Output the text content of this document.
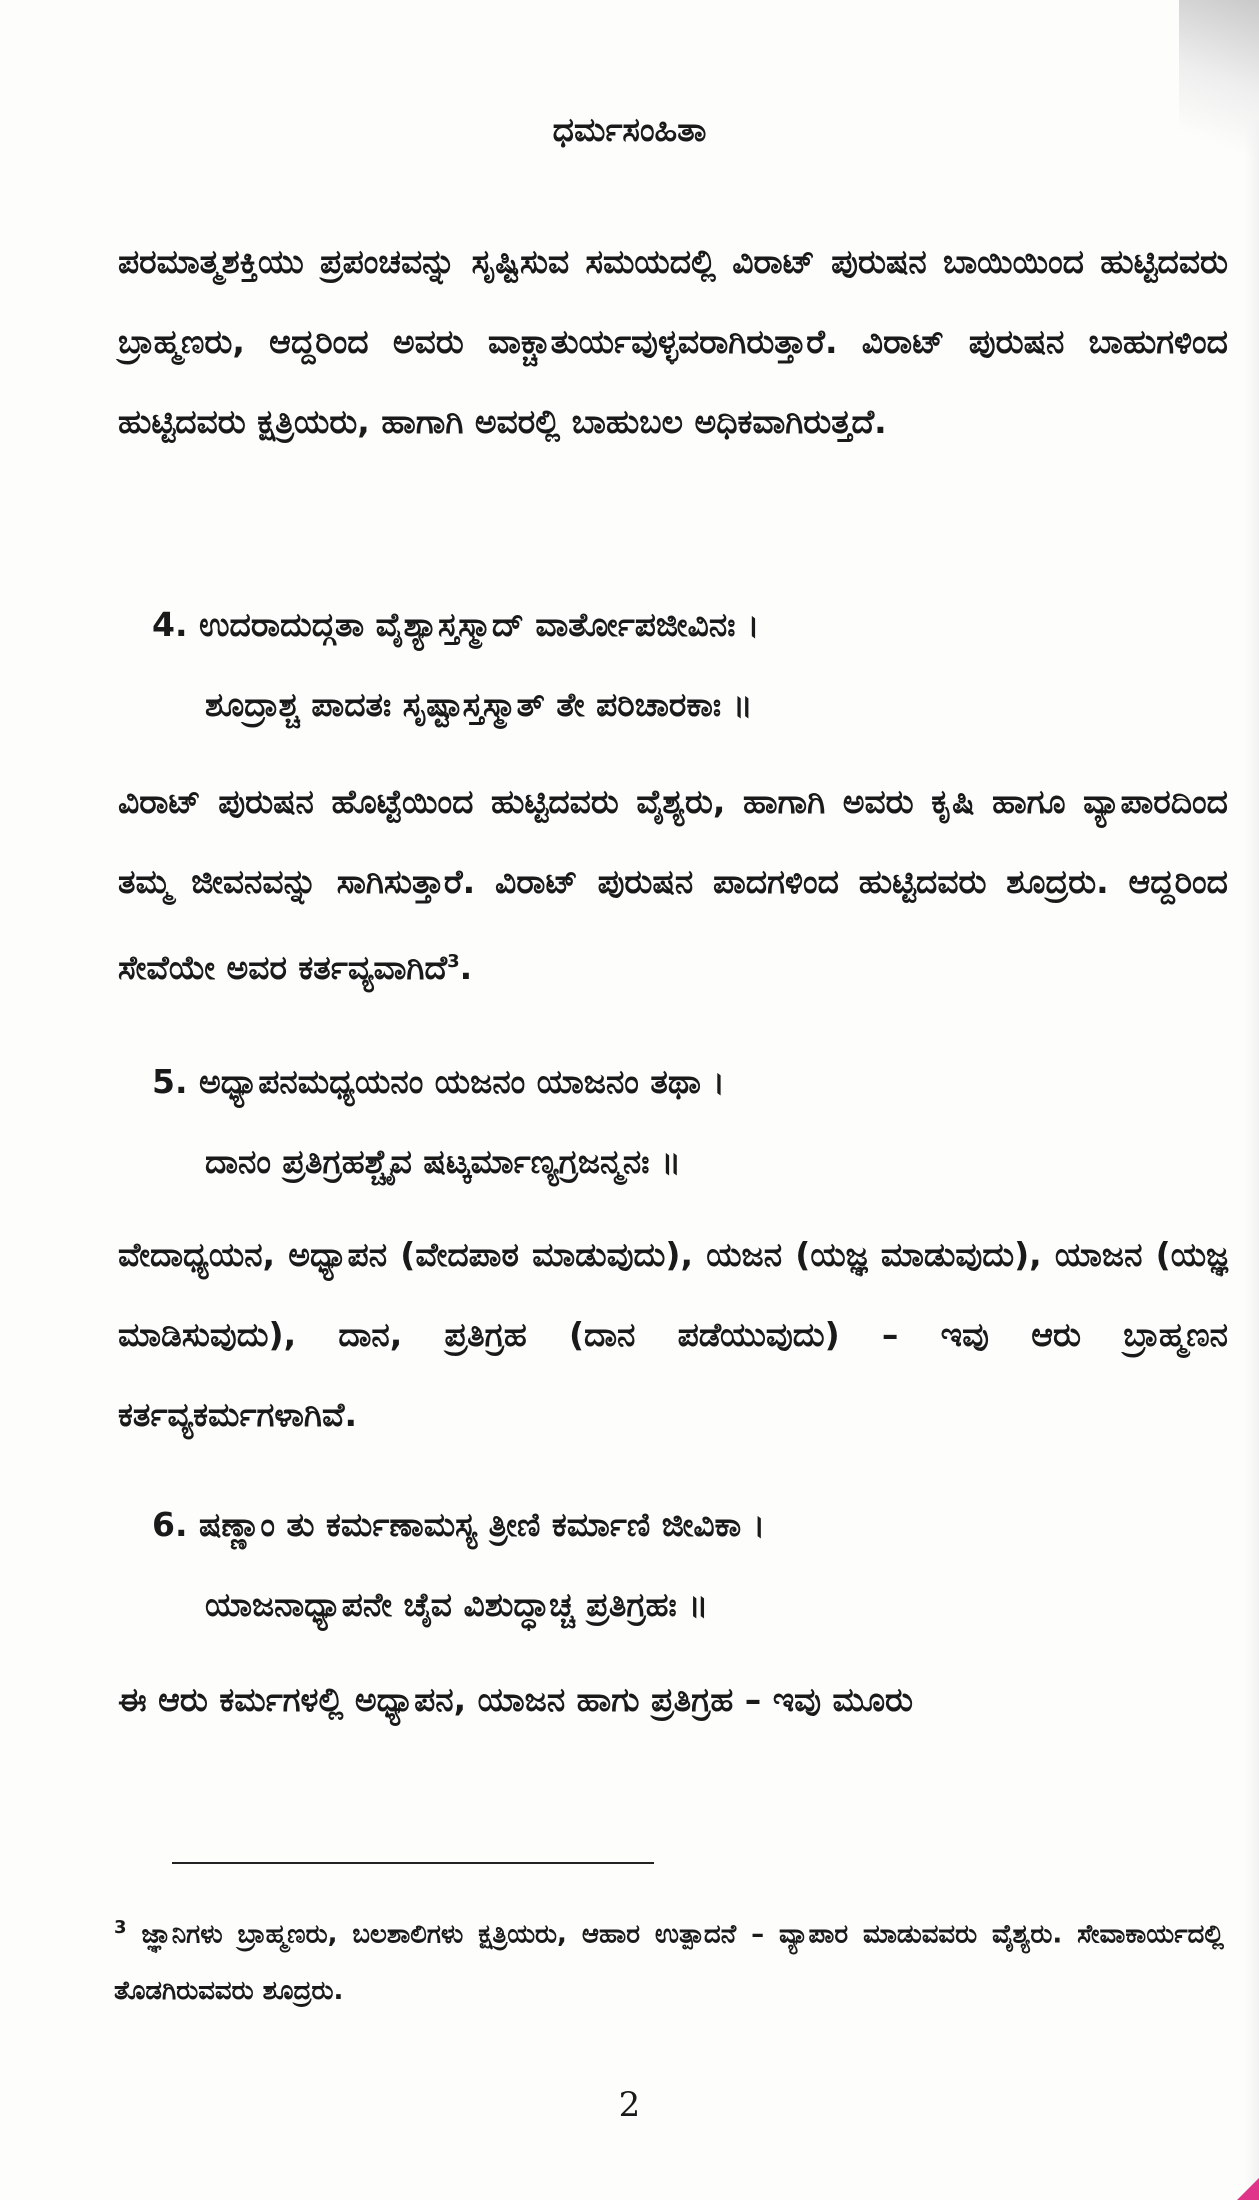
ಧರ್ಮಸಂಹಿತಾ

ಪರಮಾತ್ಮಶಕ್ತಿಯು ಪ್ರಪಂಚವನ್ನು ಸೃಷ್ಟಿಸುವ ಸಮಯದಲ್ಲಿ ವಿರಾಟ್ ಪುರುಷನ ಬಾಯಿಯಿಂದ ಹುಟ್ಟಿದವರು ಬ್ರಾಹ್ಮಣರು, ಆದ್ದರಿಂದ ಅವರು ವಾಕ್ಚಾತುರ್ಯವುಳ್ಳವರಾಗಿರುತ್ತಾರೆ. ವಿರಾಟ್ ಪುರುಷನ ಬಾಹುಗಳಿಂದ ಹುಟ್ಟಿದವರು ಕ್ಷತ್ರಿಯರು, ಹಾಗಾಗಿ ಅವರಲ್ಲಿ ಬಾಹುಬಲ ಅಧಿಕವಾಗಿರುತ್ತದೆ.

4. ಉದರಾದುದ್ಗತಾ ವೈಶ್ಯಾಸ್ತಸ್ಮಾದ್ ವಾರ್ತೋಪಜೀವಿನಃ ।
ಶೂದ್ರಾಶ್ಚ ಪಾದತಃ ಸೃಷ್ಟಾಸ್ತಸ್ಮಾತ್ ತೇ ಪರಿಚಾರಕಾಃ ॥

ವಿರಾಟ್ ಪುರುಷನ ಹೊಟ್ಟೆಯಿಂದ ಹುಟ್ಟಿದವರು ವೈಶ್ಯರು, ಹಾಗಾಗಿ ಅವರು ಕೃಷಿ ಹಾಗೂ ವ್ಯಾಪಾರದಿಂದ ತಮ್ಮ ಜೀವನವನ್ನು ಸಾಗಿಸುತ್ತಾರೆ. ವಿರಾಟ್ ಪುರುಷನ ಪಾದಗಳಿಂದ ಹುಟ್ಟಿದವರು ಶೂದ್ರರು. ಆದ್ದರಿಂದ ಸೇವೆಯೇ ಅವರ ಕರ್ತವ್ಯವಾಗಿದೆ$^3$.

5. ಅಧ್ಯಾಪನಮಧ್ಯಯನಂ ಯಜನಂ ಯಾಜನಂ ತಥಾ ।
ದಾನಂ ಪ್ರತಿಗ್ರಹಶ್ಚೈವ ಷಟ್ಕರ್ಮಾಣ್ಯಗ್ರಜನ್ಮನಃ ॥

ವೇದಾಧ್ಯಯನ, ಅಧ್ಯಾಪನ (ವೇದಪಾಠ ಮಾಡುವುದು), ಯಜನ (ಯಜ್ಞ ಮಾಡುವುದು), ಯಾಜನ (ಯಜ್ಞ ಮಾಡಿಸುವುದು), ದಾನ, ಪ್ರತಿಗ್ರಹ (ದಾನ ಪಡೆಯುವುದು) – ಇವು ಆರು ಬ್ರಾಹ್ಮಣನ ಕರ್ತವ್ಯಕರ್ಮಗಳಾಗಿವೆ.

6. ಷಣ್ಣಾಂ ತು ಕರ್ಮಣಾಮಸ್ಯ ತ್ರೀಣಿ ಕರ್ಮಾಣಿ ಜೀವಿಕಾ ।
ಯಾಜನಾಧ್ಯಾಪನೇ ಚೈವ ವಿಶುದ್ಧಾಚ್ಚ ಪ್ರತಿಗ್ರಹಃ ॥

ಈ ಆರು ಕರ್ಮಗಳಲ್ಲಿ ಅಧ್ಯಾಪನ, ಯಾಜನ ಹಾಗು ಪ್ರತಿಗ್ರಹ – ಇವು ಮೂರು

$^3$ ಜ್ಞಾನಿಗಳು ಬ್ರಾಹ್ಮಣರು, ಬಲಶಾಲಿಗಳು ಕ್ಷತ್ರಿಯರು, ಆಹಾರ ಉತ್ಪಾದನೆ – ವ್ಯಾಪಾರ ಮಾಡುವವರು ವೈಶ್ಯರು. ಸೇವಾಕಾರ್ಯದಲ್ಲಿ ತೊಡಗಿರುವವರು ಶೂದ್ರರು.

2
